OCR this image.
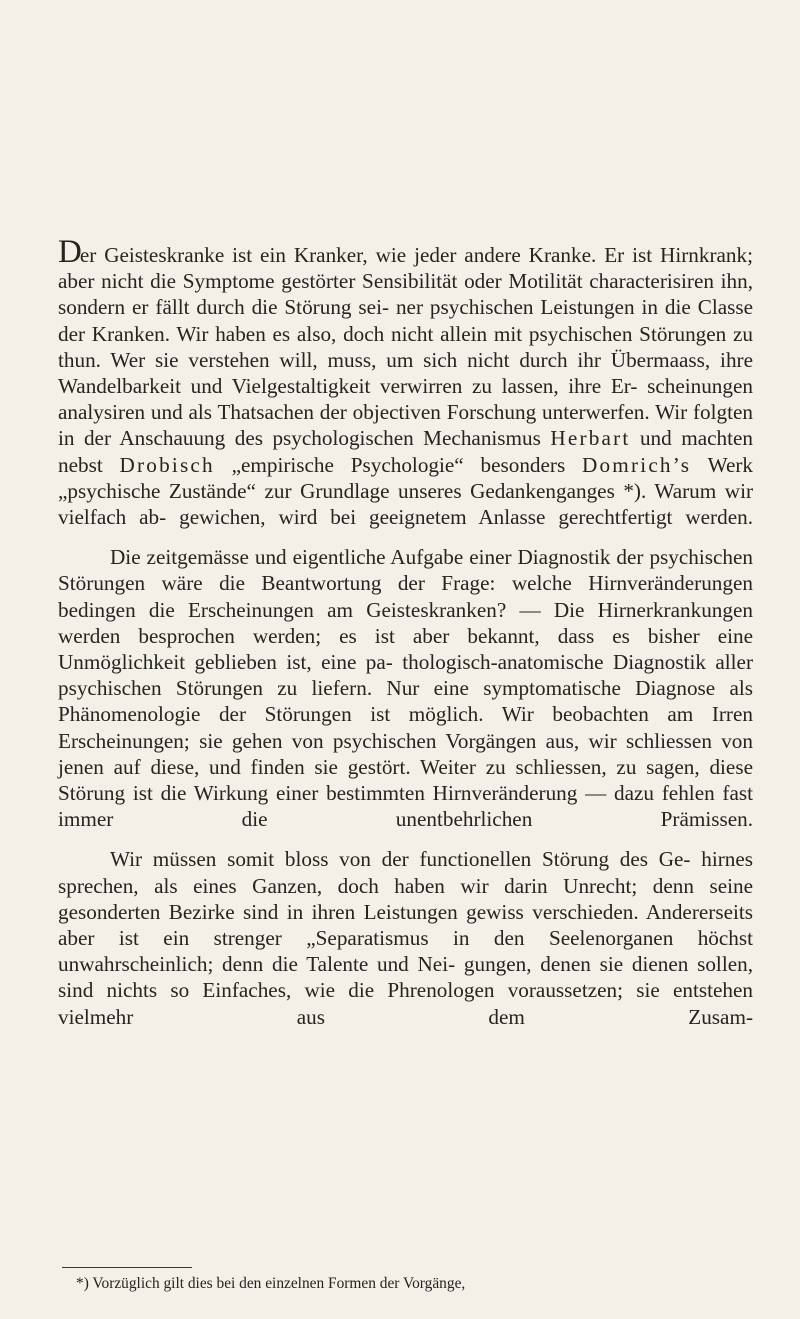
Der Geisteskranke ist ein Kranker, wie jeder andere Kranke. Er ist Hirnkrank; aber nicht die Symptome gestörter Sensibilität oder Motilität characterisiren ihn, sondern er fällt durch die Störung sei- ner psychischen Leistungen in die Classe der Kranken. Wir haben es also, doch nicht allein mit psychischen Störungen zu thun. Wer sie verstehen will, muss, um sich nicht durch ihr Übermaass, ihre Wandelbarkeit und Vielgestaltigkeit verwirren zu lassen, ihre Er- scheinungen analysiren und als Thatsachen der objectiven Forschung unterwerfen. Wir folgten in der Anschauung des psychologischen Mechanismus Herbart und machten nebst Drobisch „empirische Psychologie“ besonders Domrich’s Werk „psychische Zustände“ zur Grundlage unseres Gedankenganges *). Warum wir vielfach ab- gewichen, wird bei geeignetem Anlasse gerechtfertigt werden.

Die zeitgemässe und eigentliche Aufgabe einer Diagnostik der psychischen Störungen wäre die Beantwortung der Frage: welche Hirnveränderungen bedingen die Erscheinungen am Geisteskranken? — Die Hirnerkrankungen werden besprochen werden; es ist aber bekannt, dass es bisher eine Unmöglichkeit geblieben ist, eine pa- thologisch-anatomische Diagnostik aller psychischen Störungen zu liefern. Nur eine symptomatische Diagnose als Phänomenologie der Störungen ist möglich. Wir beobachten am Irren Erscheinungen; sie gehen von psychischen Vorgängen aus, wir schliessen von jenen auf diese, und finden sie gestört. Weiter zu schliessen, zu sagen, diese Störung ist die Wirkung einer bestimmten Hirnveränderung — dazu fehlen fast immer die unentbehrlichen Prämissen.

Wir müssen somit bloss von der functionellen Störung des Ge- hirnes sprechen, als eines Ganzen, doch haben wir darin Unrecht; denn seine gesonderten Bezirke sind in ihren Leistungen gewiss verschieden. Andererseits aber ist ein strenger „Separatismus in den Seelenorganen höchst unwahrscheinlich; denn die Talente und Nei- gungen, denen sie dienen sollen, sind nichts so Einfaches, wie die Phrenologen voraussetzen; sie entstehen vielmehr aus dem Zusam-

*) Vorzüglich gilt dies bei den einzelnen Formen der Vorgänge,
